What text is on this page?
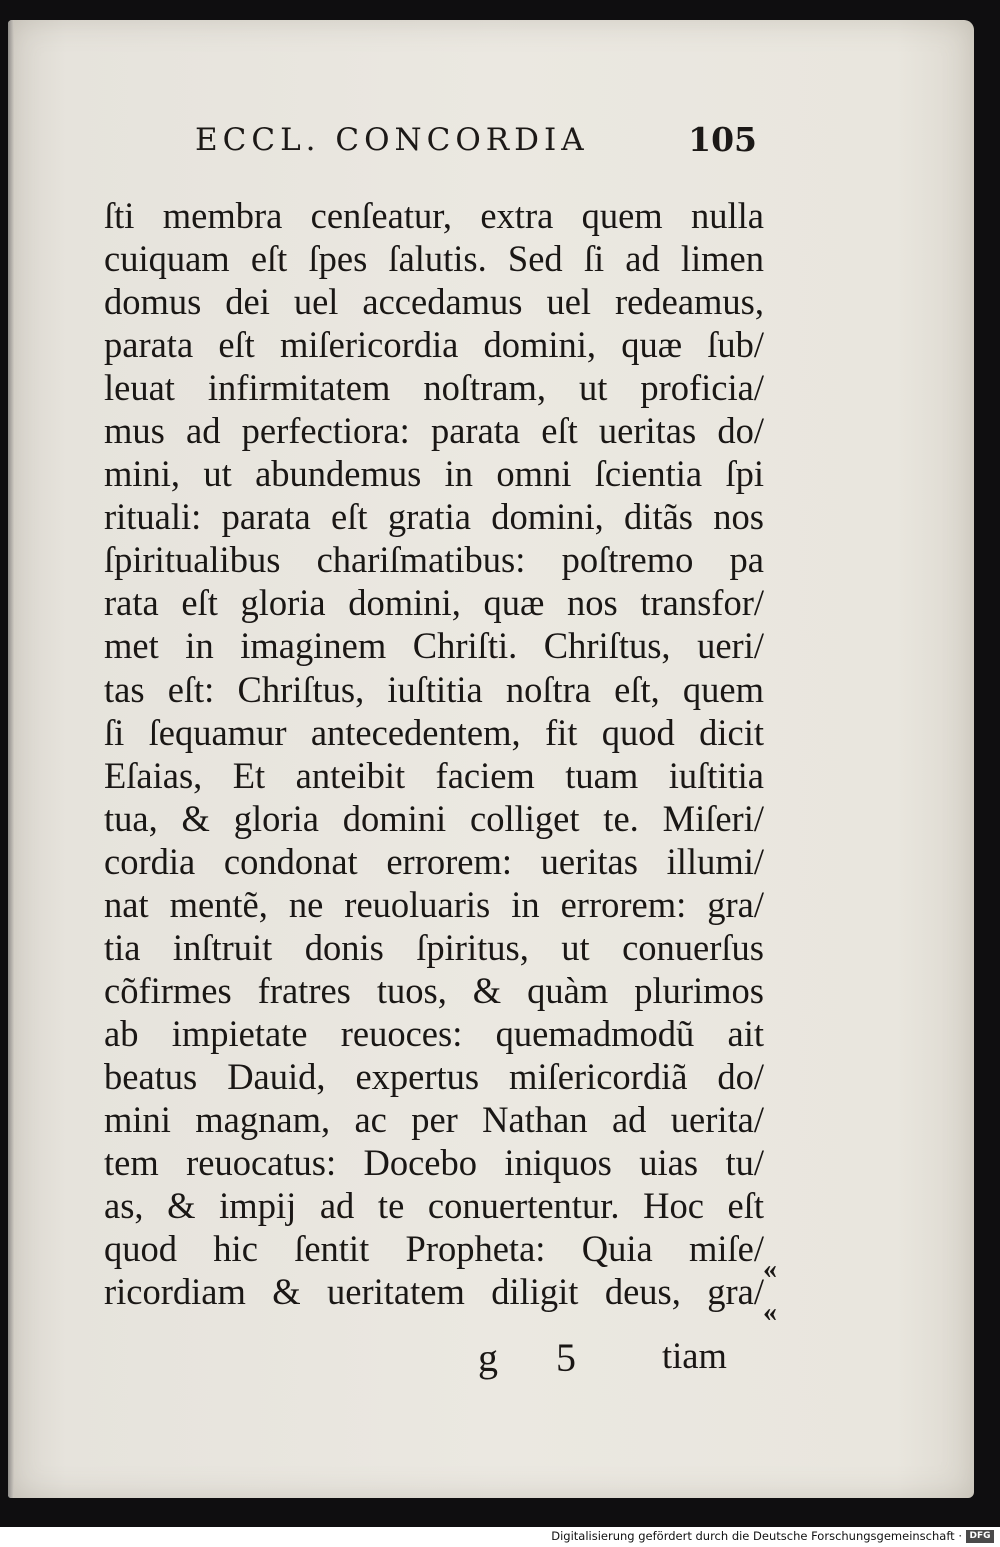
ECCL. CONCORDIA	105
ſti membra cenſeatur, extra quem nulla
cuiquam eſt ſpes ſalutis. Sed ſi ad limen
domus dei uel accedamus uel redeamus,
parata eſt miſericordia domini, quæ ſub/
leuat infirmitatem noſtram, ut proficia/
mus ad perfectiora: parata eſt ueritas do/
mini, ut abundemus in omni ſcientia ſpi
rituali: parata eſt gratia domini, ditãs nos
ſpiritualibus chariſmatibus: poſtremo pa
rata eſt gloria domini, quæ nos transfor/
met in imaginem Chriſti. Chriſtus, ueri/
tas eſt: Chriſtus, iuſtitia noſtra eſt, quem
ſi ſequamur antecedentem, fit quod dicit
Eſaias, Et anteibit faciem tuam iuſtitia
tua, & gloria domini colliget te. Miſeri/
cordia condonat errorem: ueritas illumi/
nat mentẽ, ne reuoluaris in errorem: gra/
tia inſtruit donis ſpiritus, ut conuerſus
cõfirmes fratres tuos, & quàm plurimos
ab impietate reuoces: quemadmodũ ait
beatus Dauid, expertus miſericordiã do/
mini magnam, ac per Nathan ad uerita/
tem reuocatus: Docebo iniquos uias tu/
as, & impij ad te conuertentur. Hoc eſt
quod hic ſentit Propheta: Quia miſe/
ricordiam & ueritatem diligit deus, gra/
«
«
g 5 tiam
Digitalisierung gefördert durch die Deutsche Forschungsgemeinschaft · DFG
